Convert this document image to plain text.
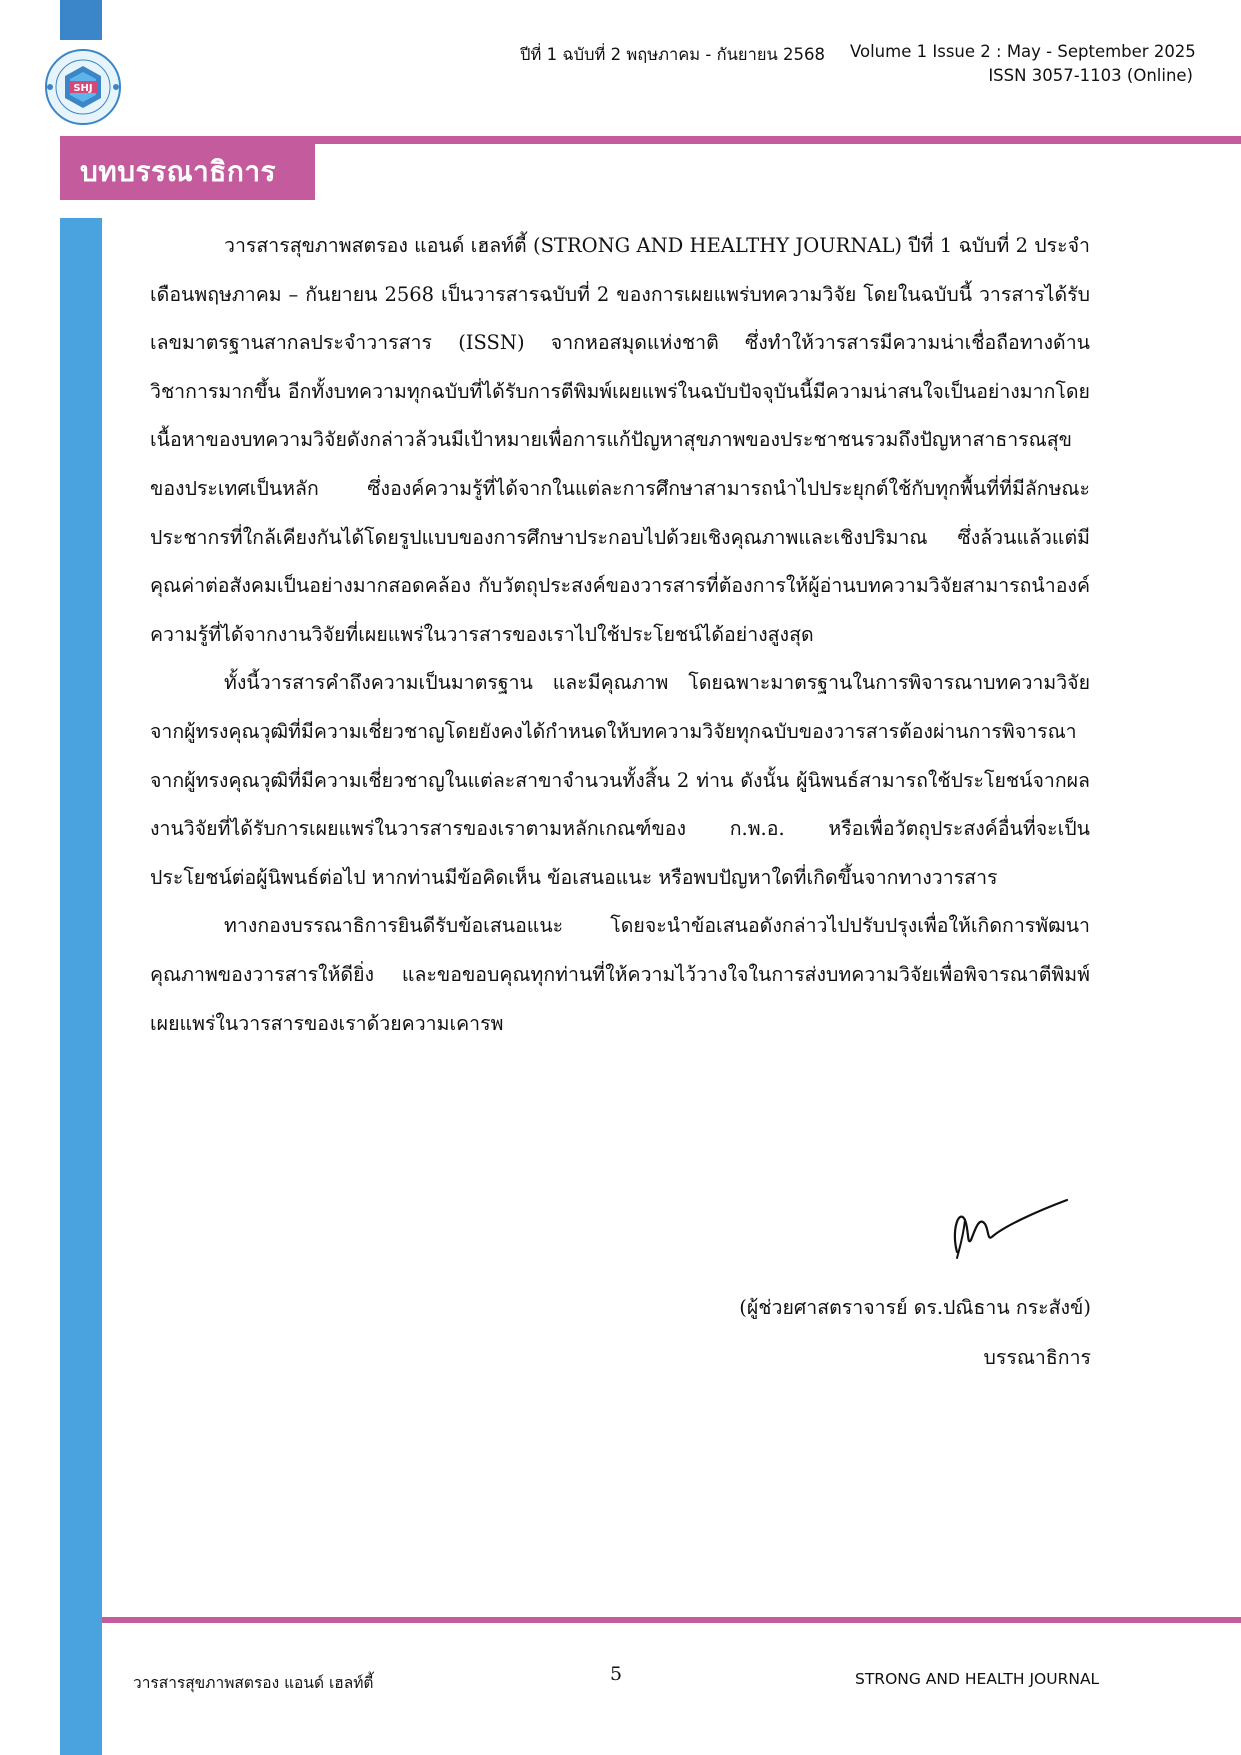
SHJ
ปีที่ 1 ฉบับที่ 2 พฤษภาคม - กันยายน 2568 Volume 1 Issue 2 : May - September 2025
ISSN 3057-1103 (Online)
บทบรรณาธิการ

วารสารสุขภาพสตรอง แอนด์ เฮลท์ตี้ (STRONG AND HEALTHY JOURNAL) ปีที่ 1 ฉบับที่ 2 ประจำเดือนพฤษภาคม – กันยายน 2568 เป็นวารสารฉบับที่ 2 ของการเผยแพร่บทความวิจัย โดยในฉบับนี้ วารสารได้รับเลขมาตรฐานสากลประจำวารสาร (ISSN) จากหอสมุดแห่งชาติ ซึ่งทำให้วารสารมีความน่าเชื่อถือทางด้านวิชาการมากขึ้น อีกทั้งบทความทุกฉบับที่ได้รับการตีพิมพ์เผยแพร่ในฉบับปัจจุบันนี้มีความน่าสนใจเป็นอย่างมากโดยเนื้อหาของบทความวิจัยดังกล่าวล้วนมีเป้าหมายเพื่อการแก้ปัญหาสุขภาพของประชาชนรวมถึงปัญหาสาธารณสุขของประเทศเป็นหลัก ซึ่งองค์ความรู้ที่ได้จากในแต่ละการศึกษาสามารถนำไปประยุกต์ใช้กับทุกพื้นที่ที่มีลักษณะประชากรที่ใกล้เคียงกันได้โดยรูปแบบของการศึกษาประกอบไปด้วยเชิงคุณภาพและเชิงปริมาณ ซึ่งล้วนแล้วแต่มีคุณค่าต่อสังคมเป็นอย่างมากสอดคล้อง กับวัตถุประสงค์ของวารสารที่ต้องการให้ผู้อ่านบทความวิจัยสามารถนำองค์ความรู้ที่ได้จากงานวิจัยที่เผยแพร่ในวารสารของเราไปใช้ประโยชน์ได้อย่างสูงสุด

ทั้งนี้วารสารคำถึงความเป็นมาตรฐาน และมีคุณภาพ โดยฉพาะมาตรฐานในการพิจารณาบทความวิจัยจากผู้ทรงคุณวุฒิที่มีความเชี่ยวชาญโดยยังคงได้กำหนดให้บทความวิจัยทุกฉบับของวารสารต้องผ่านการพิจารณาจากผู้ทรงคุณวุฒิที่มีความเชี่ยวชาญในแต่ละสาขาจำนวนทั้งสิ้น 2 ท่าน ดังนั้น ผู้นิพนธ์สามารถใช้ประโยชน์จากผลงานวิจัยที่ได้รับการเผยแพร่ในวารสารของเราตามหลักเกณฑ์ของ ก.พ.อ. หรือเพื่อวัตถุประสงค์อื่นที่จะเป็นประโยชน์ต่อผู้นิพนธ์ต่อไป หากท่านมีข้อคิดเห็น ข้อเสนอแนะ หรือพบปัญหาใดที่เกิดขึ้นจากทางวารสาร

ทางกองบรรณาธิการยินดีรับข้อเสนอแนะ โดยจะนำข้อเสนอดังกล่าวไปปรับปรุงเพื่อให้เกิดการพัฒนาคุณภาพของวารสารให้ดียิ่ง และขอขอบคุณทุกท่านที่ให้ความไว้วางใจในการส่งบทความวิจัยเพื่อพิจารณาตีพิมพ์เผยแพร่ในวารสารของเราด้วยความเคารพ

(ผู้ช่วยศาสตราจารย์ ดร.ปณิธาน กระสังข์)
บรรณาธิการ
วารสารสุขภาพสตรอง แอนด์ เฮลท์ตี้	5	STRONG AND HEALTH JOURNAL
